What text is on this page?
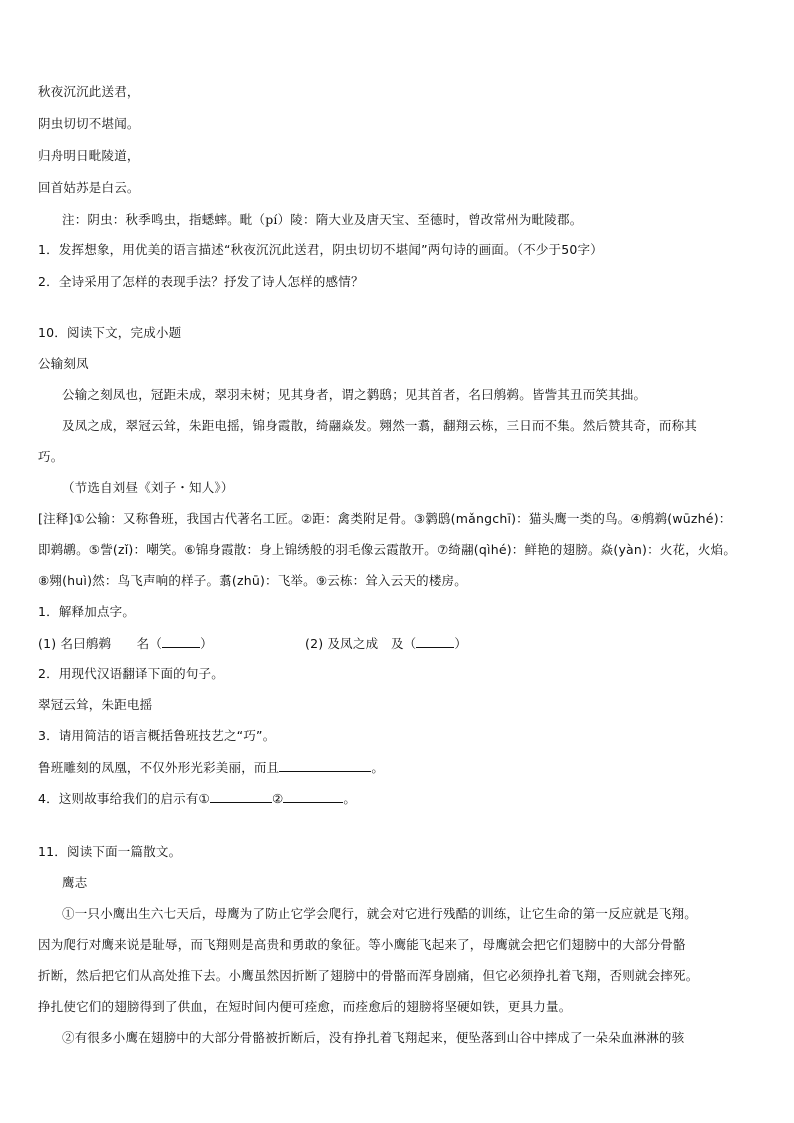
秋夜沉沉此送君，

阴虫切切不堪闻。

归舟明日毗陵道，

回首姑苏是白云。

注：阴虫：秋季鸣虫，指蟋蟀。毗（pí）陵：隋大业及唐天宝、至德时，曾改常州为毗陵郡。

1．发挥想象，用优美的语言描述“秋夜沉沉此送君，阴虫切切不堪闻”两句诗的画面。（不少于50字）

2．全诗采用了怎样的表现手法？抒发了诗人怎样的感情？

10．阅读下文，完成小题

公输刻凤

公输之刻凤也，冠距未成，翠羽未树；见其身者，谓之鹲鸱；见其首者，名曰鸼鹈。皆訾其丑而笑其拙。

及凤之成，翠冠云耸，朱距电摇，锦身霞散，绮翮焱发。翙然一翥，翻翔云栋，三日而不集。然后赞其奇，而称其

巧。

（节选自刘昼《刘子・知人》）

[注释]①公输：又称鲁班，我国古代著名工匠。②距：禽类附足骨。③鹲鸱(mǎngchī)：猫头鹰一类的鸟。④鸼鹈(wūzhé)：

即鹈鹕。⑤訾(zǐ)：嘲笑。⑥锦身霞散：身上锦绣般的羽毛像云霞散开。⑦绮翮(qìhé)：鲜艳的翅膀。焱(yàn)：火花，火焰。

⑧翙(huì)然：鸟飞声响的样子。翥(zhū)：飞举。⑨云栋：耸入云天的楼房。

1．解释加点字。

(1) 名曰鸼鹈　　名（	）	(2) 及凤之成　及（	）

2．用现代汉语翻译下面的句子。

翠冠云耸，朱距电摇

3．请用简洁的语言概括鲁班技艺之“巧”。

鲁班雕刻的凤凰，不仅外形光彩美丽，而且	。

4．这则故事给我们的启示有①	②	。

11．阅读下面一篇散文。

鹰志

①一只小鹰出生六七天后，母鹰为了防止它学会爬行，就会对它进行残酷的训练，让它生命的第一反应就是飞翔。

因为爬行对鹰来说是耻辱，而飞翔则是高贵和勇敢的象征。等小鹰能飞起来了，母鹰就会把它们翅膀中的大部分骨骼

折断，然后把它们从高处推下去。小鹰虽然因折断了翅膀中的骨骼而浑身剧痛，但它必须挣扎着飞翔，否则就会摔死。

挣扎使它们的翅膀得到了供血，在短时间内便可痊愈，而痊愈后的翅膀将坚硬如铁，更具力量。

②有很多小鹰在翅膀中的大部分骨骼被折断后，没有挣扎着飞翔起来，便坠落到山谷中摔成了一朵朵血淋淋的骇
